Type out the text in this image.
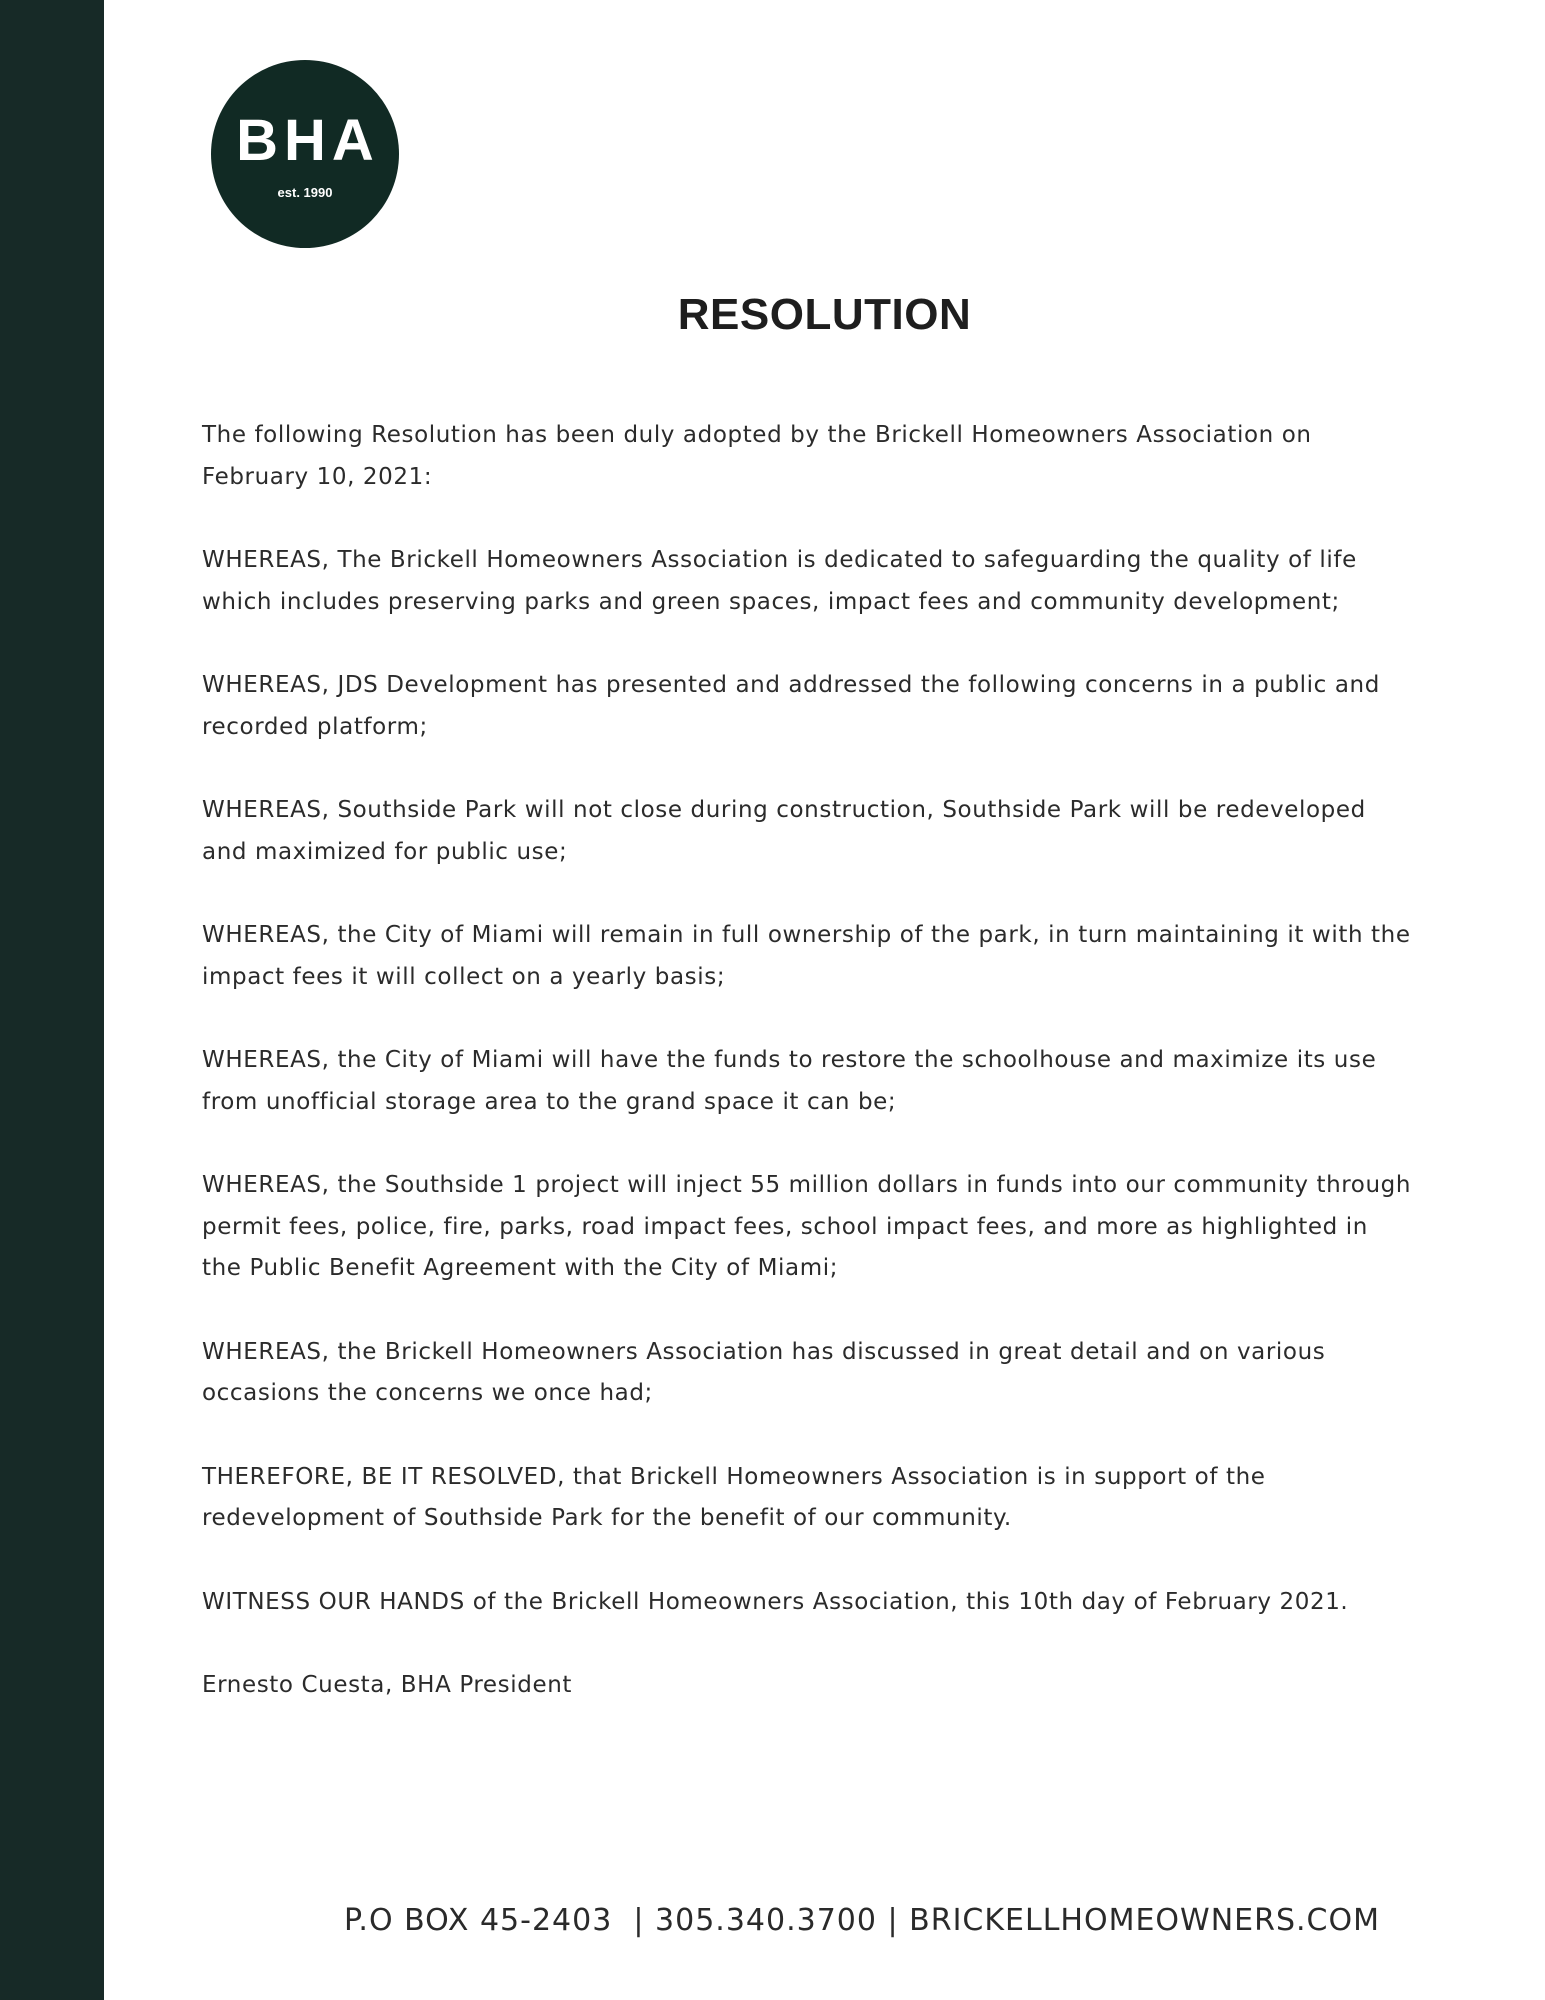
BHA
est. 1990
RESOLUTION

The following Resolution has been duly adopted by the Brickell Homeowners Association on February 10, 2021:

WHEREAS, The Brickell Homeowners Association is dedicated to safeguarding the quality of life which includes preserving parks and green spaces, impact fees and community development;

WHEREAS, JDS Development has presented and addressed the following concerns in a public and recorded platform;

WHEREAS, Southside Park will not close during construction, Southside Park will be redeveloped and maximized for public use;

WHEREAS, the City of Miami will remain in full ownership of the park, in turn maintaining it with the impact fees it will collect on a yearly basis;

WHEREAS, the City of Miami will have the funds to restore the schoolhouse and maximize its use from unofficial storage area to the grand space it can be;

WHEREAS, the Southside 1 project will inject 55 million dollars in funds into our community through permit fees, police, fire, parks, road impact fees, school impact fees, and more as highlighted in the Public Benefit Agreement with the City of Miami;

WHEREAS, the Brickell Homeowners Association has discussed in great detail and on various occasions the concerns we once had;

THEREFORE, BE IT RESOLVED, that Brickell Homeowners Association is in support of the redevelopment of Southside Park for the benefit of our community.

WITNESS OUR HANDS of the Brickell Homeowners Association, this 10th day of February 2021.

Ernesto Cuesta, BHA President

P.O BOX 45-2403  | 305.340.3700 | BRICKELLHOMEOWNERS.COM
